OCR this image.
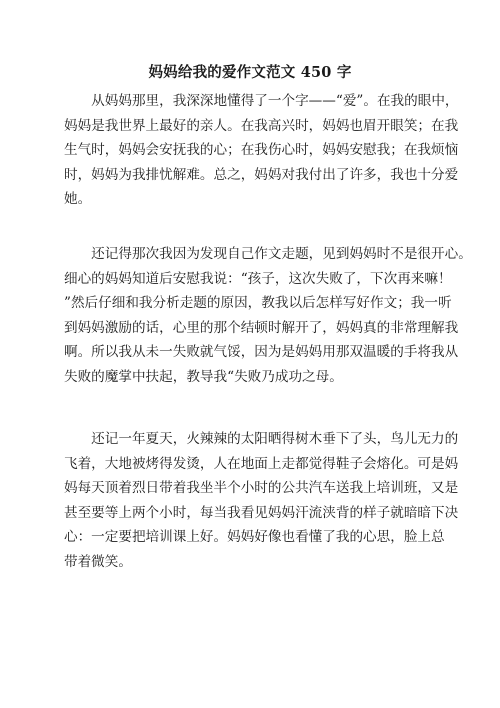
妈妈给我的爱作文范文 450 字
　　从妈妈那里，我深深地懂得了一个字——“爱”。在我的眼中，
妈妈是我世界上最好的亲人。在我高兴时，妈妈也眉开眼笑；在我
生气时，妈妈会安抚我的心；在我伤心时，妈妈安慰我；在我烦恼
时，妈妈为我排忧解难。总之，妈妈对我付出了许多，我也十分爱
她。
　　还记得那次我因为发现自己作文走题，见到妈妈时不是很开心。
细心的妈妈知道后安慰我说：“孩子，这次失败了，下次再来嘛！
”然后仔细和我分析走题的原因，教我以后怎样写好作文；我一听
到妈妈激励的话，心里的那个结顿时解开了，妈妈真的非常理解我
啊。所以我从未一失败就气馁，因为是妈妈用那双温暖的手将我从
失败的魔掌中扶起，教导我“失败乃成功之母。
　　还记一年夏天，火辣辣的太阳晒得树木垂下了头，鸟儿无力的
飞着，大地被烤得发烫，人在地面上走都觉得鞋子会熔化。可是妈
妈每天顶着烈日带着我坐半个小时的公共汽车送我上培训班，又是
甚至要等上两个小时，每当我看见妈妈汗流浃背的样子就暗暗下决
心：一定要把培训课上好。妈妈好像也看懂了我的心思，脸上总
带着微笑。
